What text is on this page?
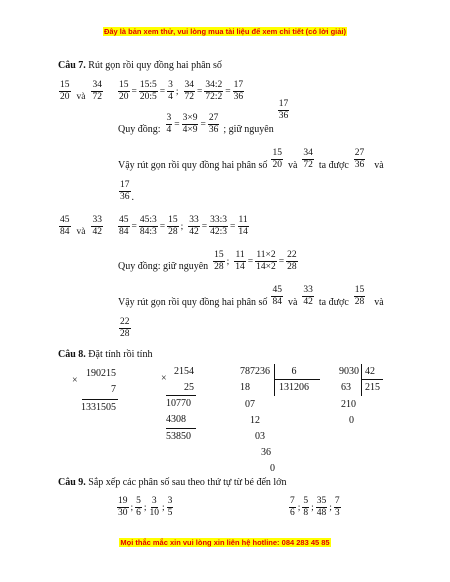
Đây là bản xem thử, vui lòng mua tài liệu để xem chi tiết (có lời giải)
Câu 7. Rút gọn rồi quy đồng hai phân số
$\frac{15}{20}$ và $\frac{34}{72} \frac{15}{20} = \frac{15:5}{20:5} = \frac{3}{4}$ ; $\frac{34}{72} = \frac{34:2}{72:2} = \frac{17}{36}$
Quy đồng: $\frac{3}{4} = \frac{3\times 9}{4\times 9} = \frac{27}{36}$ ; giữ nguyên
$\frac{17}{36}$
Vậy rút gọn rồi quy đồng hai phân số $\frac{15}{20}$ và $\frac{34}{72}$ ta được $\frac{27}{36}$ và
$\frac{17}{36}$ .
$\frac{45}{84}$ và $\frac{33}{42} \frac{45}{84} = \frac{45:3}{84:3} = \frac{15}{28}$ ; $\frac{33}{42} = \frac{33:3}{42:3} = \frac{11}{14}$
Quy đồng: giữ nguyên $\frac{15}{28}$ ; $\frac{11}{14} = \frac{11\times 2}{14\times 2} = \frac{22}{28}$
Vậy rút gọn rồi quy đồng hai phân số $\frac{45}{84}$ và $\frac{33}{42}$ ta được $\frac{15}{28}$ và
$\frac{22}{28}$
Câu 8. Đặt tính rồi tính
×
190215
7
1331505
×
2154
25
10770
4308
53850
787236	6
131206
18
07
12
03
36
0
9030 42
215
63
210
0
Câu 9. Sắp xếp các phân số sau theo thứ tự từ bé đến lớn
$\frac{19}{30}$ ; $\frac{5}{6}$ ; $\frac{3}{10}$ ; $\frac{3}{5}$	$\frac{7}{6}$ ; $\frac{5}{8}$ ; $\frac{35}{48}$ ; $\frac{7}{3}$
Mọi thắc mắc xin vui lòng xin liên hệ hotline: 084 283 45 85
